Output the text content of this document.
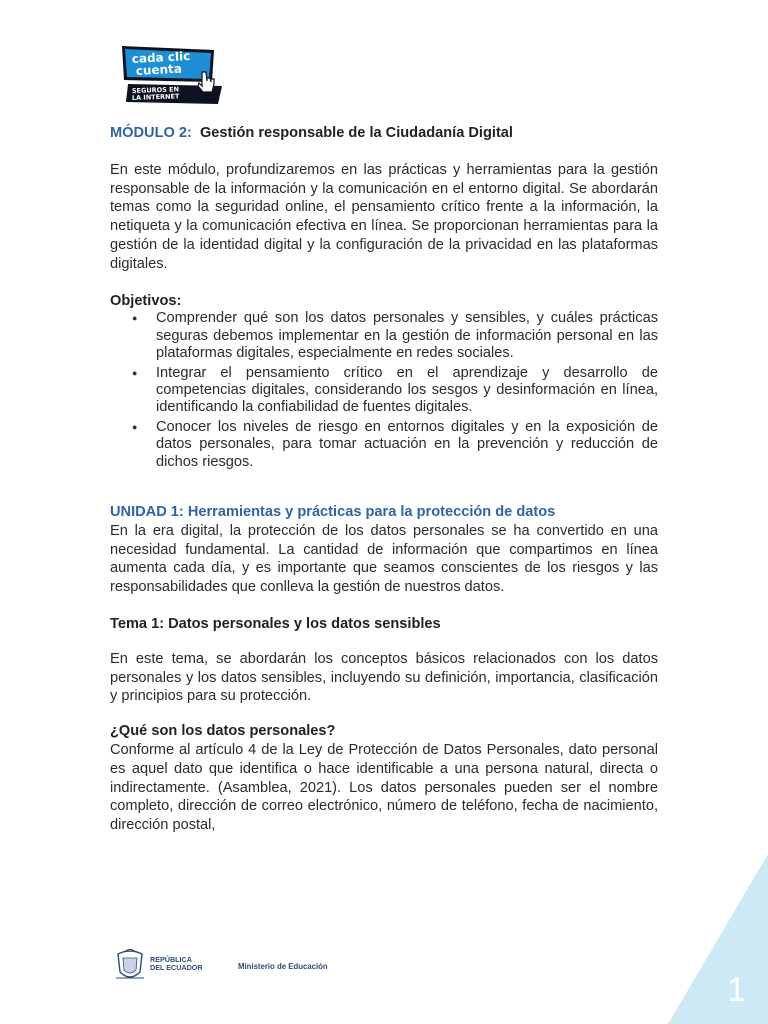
cada clic
cuenta
SEGUROS EN
LA INTERNET
MÓDULO 2: Gestión responsable de la Ciudadanía Digital

En este módulo, profundizaremos en las prácticas y herramientas para la gestión responsable de la información y la comunicación en el entorno digital. Se abordarán temas como la seguridad online, el pensamiento crítico frente a la información, la netiqueta y la comunicación efectiva en línea. Se proporcionan herramientas para la gestión de la identidad digital y la configuración de la privacidad en las plataformas digitales.

Objetivos:

● Comprender qué son los datos personales y sensibles, y cuáles prácticas seguras debemos implementar en la gestión de información personal en las plataformas digitales, especialmente en redes sociales.
● Integrar el pensamiento crítico en el aprendizaje y desarrollo de competencias digitales, considerando los sesgos y desinformación en línea, identificando la confiabilidad de fuentes digitales.
● Conocer los niveles de riesgo en entornos digitales y en la exposición de datos personales, para tomar actuación en la prevención y reducción de dichos riesgos.

UNIDAD 1: Herramientas y prácticas para la protección de datos

En la era digital, la protección de los datos personales se ha convertido en una necesidad fundamental. La cantidad de información que compartimos en línea aumenta cada día, y es importante que seamos conscientes de los riesgos y las responsabilidades que conlleva la gestión de nuestros datos.

Tema 1: Datos personales y los datos sensibles

En este tema, se abordarán los conceptos básicos relacionados con los datos personales y los datos sensibles, incluyendo su definición, importancia, clasificación y principios para su protección.

¿Qué son los datos personales?

Conforme al artículo 4 de la Ley de Protección de Datos Personales, dato personal es aquel dato que identifica o hace identificable a una persona natural, directa o indirectamente. (Asamblea, 2021). Los datos personales pueden ser el nombre completo, dirección de correo electrónico, número de teléfono, fecha de nacimiento, dirección postal,

REPÚBLICA
DEL ECUADOR	Ministerio de Educación
1
